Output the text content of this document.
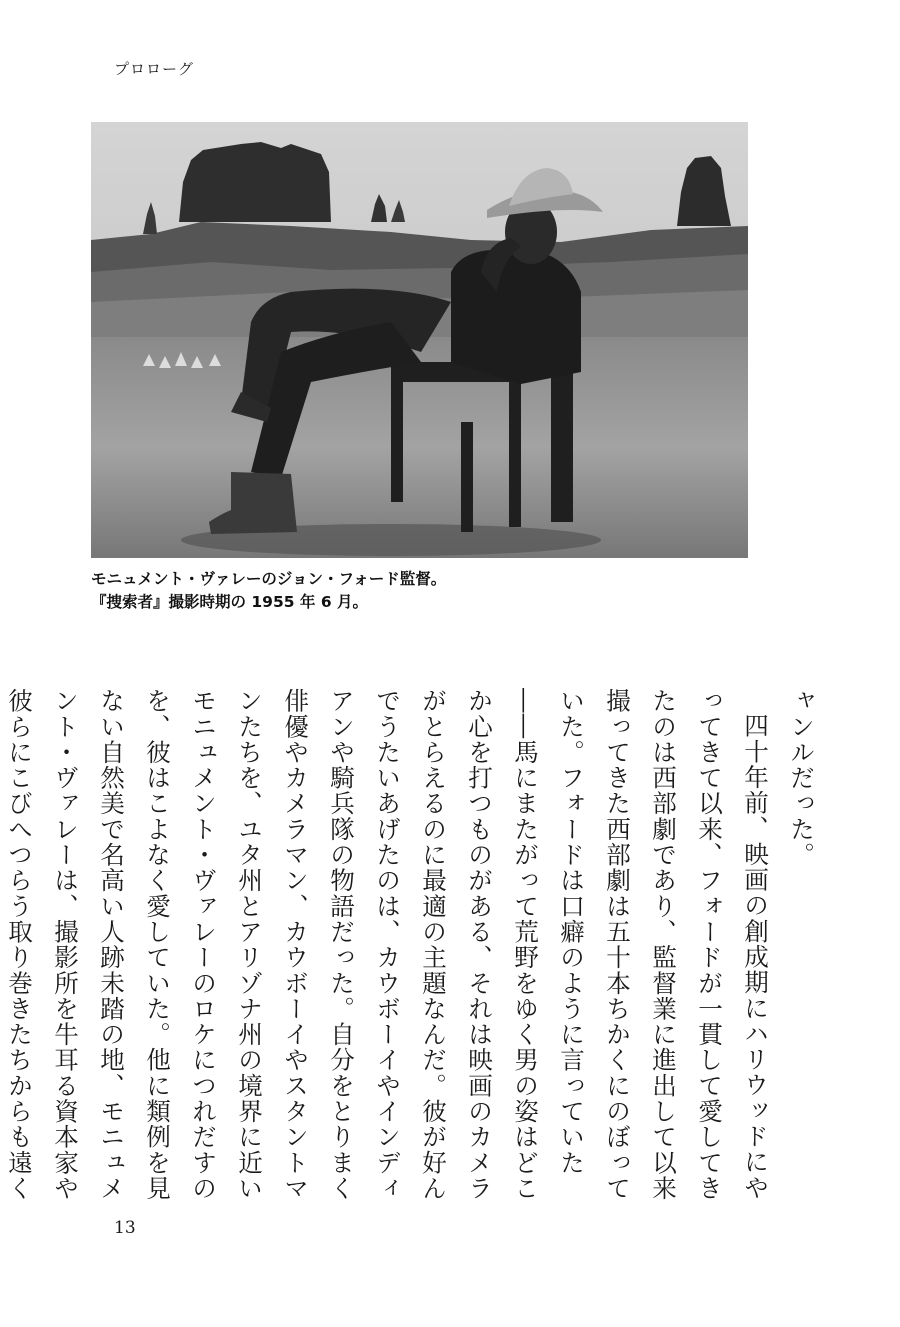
プロローグ
モニュメント・ヴァレーのジョン・フォード監督。
『捜索者』撮影時期の 1955 年 6 月。

ャンルだった。

四十年前、映画の創成期にハリウッドにや

ってきて以来、フォードが一貫して愛してき

たのは西部劇であり、監督業に進出して以来

撮ってきた西部劇は五十本ちかくにのぼって

いた。フォードは口癖のように言っていた

――馬にまたがって荒野をゆく男の姿はどこ

か心を打つものがある、それは映画のカメラ

がとらえるのに最適の主題なんだ。彼が好ん

でうたいあげたのは、カウボーイやインディ

アンや騎兵隊の物語だった。自分をとりまく

俳優やカメラマン、カウボーイやスタントマ

ンたちを、ユタ州とアリゾナ州の境界に近い

モニュメント・ヴァレーのロケにつれだすの

を、彼はこよなく愛していた。他に類例を見

ない自然美で名高い人跡未踏の地、モニュメ

ント・ヴァレーは、撮影所を牛耳る資本家や

彼らにこびへつらう取り巻きたちからも遠く

13
